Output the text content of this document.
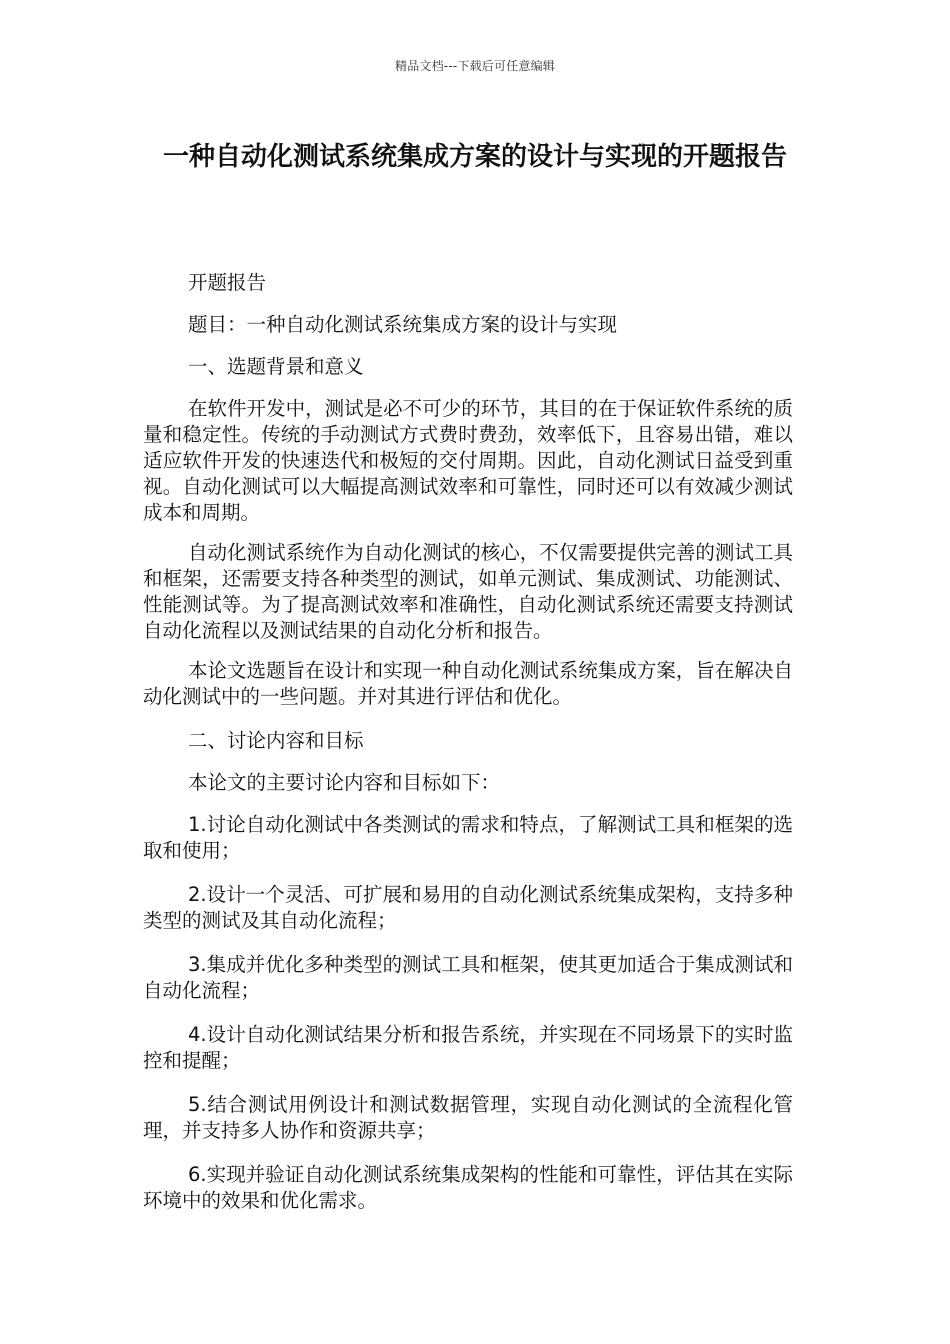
精品文档---下载后可任意编辑
一种自动化测试系统集成方案的设计与实现的开题报告

开题报告

题目：一种自动化测试系统集成方案的设计与实现

一、选题背景和意义

在软件开发中，测试是必不可少的环节，其目的在于保证软件系统的质量和稳定性。传统的手动测试方式费时费劲，效率低下，且容易出错，难以适应软件开发的快速迭代和极短的交付周期。因此，自动化测试日益受到重视。自动化测试可以大幅提高测试效率和可靠性，同时还可以有效减少测试成本和周期。

自动化测试系统作为自动化测试的核心，不仅需要提供完善的测试工具和框架，还需要支持各种类型的测试，如单元测试、集成测试、功能测试、性能测试等。为了提高测试效率和准确性，自动化测试系统还需要支持测试自动化流程以及测试结果的自动化分析和报告。

本论文选题旨在设计和实现一种自动化测试系统集成方案，旨在解决自动化测试中的一些问题。并对其进行评估和优化。

二、讨论内容和目标

本论文的主要讨论内容和目标如下：

1.讨论自动化测试中各类测试的需求和特点，了解测试工具和框架的选取和使用；

2.设计一个灵活、可扩展和易用的自动化测试系统集成架构，支持多种类型的测试及其自动化流程；

3.集成并优化多种类型的测试工具和框架，使其更加适合于集成测试和自动化流程；

4.设计自动化测试结果分析和报告系统，并实现在不同场景下的实时监控和提醒；

5.结合测试用例设计和测试数据管理，实现自动化测试的全流程化管理，并支持多人协作和资源共享；

6.实现并验证自动化测试系统集成架构的性能和可靠性，评估其在实际环境中的效果和优化需求。
